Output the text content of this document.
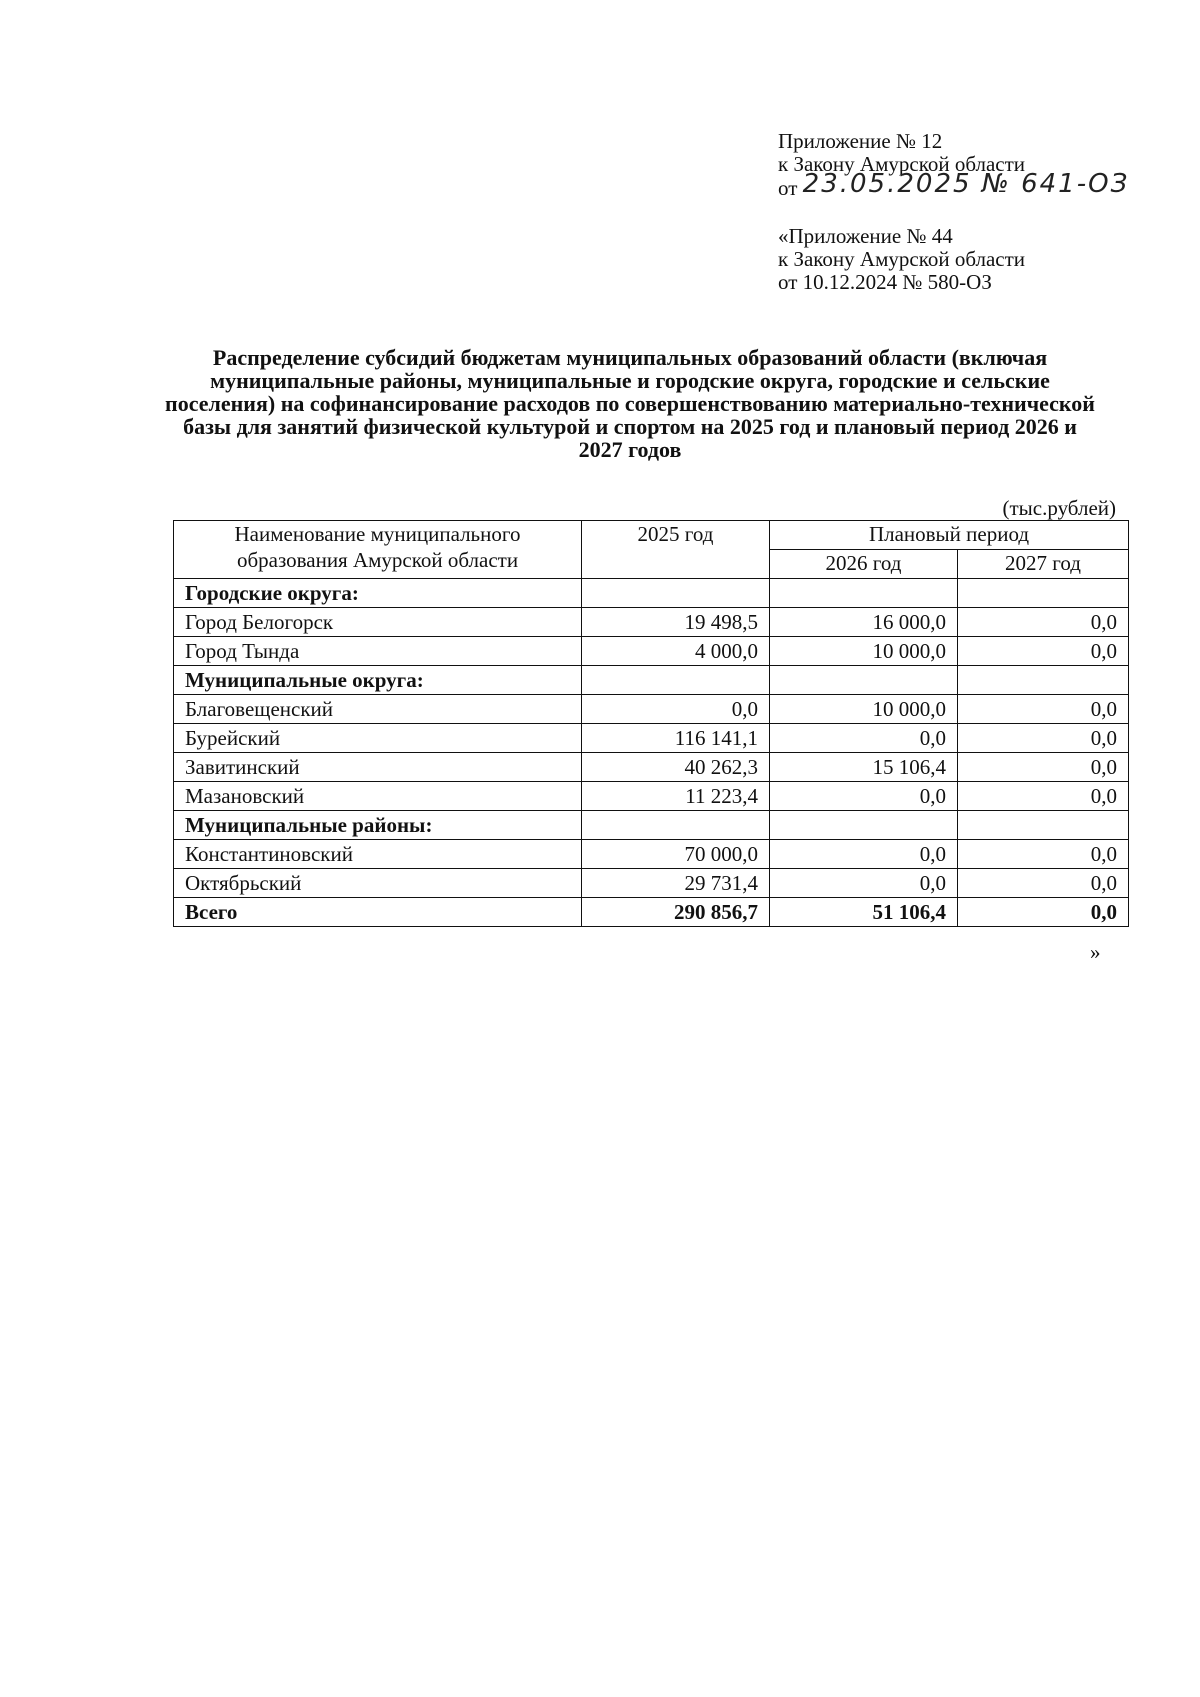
Приложение № 12
к Закону Амурской области
от 23.05.2025 № 641-ОЗ
«Приложение № 44
к Закону Амурской области
от 10.12.2024 № 580-ОЗ
Распределение субсидий бюджетам муниципальных образований области (включая муниципальные районы, муниципальные и городские округа, городские и сельские поселения) на софинансирование расходов по совершенствованию материально-технической базы для занятий физической культурой и спортом на 2025 год и плановый период 2026 и 2027 годов
(тыс.рублей)
Наименование муниципального образования Амурской области	2025 год	Плановый период	
		2026 год	2027 год
Городские округа:			
Город Белогорск	19 498,5	16 000,0	0,0
Город Тында	4 000,0	10 000,0	0,0
Муниципальные округа:			
Благовещенский	0,0	10 000,0	0,0
Бурейский	116 141,1	0,0	0,0
Завитинский	40 262,3	15 106,4	0,0
Мазановский	11 223,4	0,0	0,0
Муниципальные районы:			
Константиновский	70 000,0	0,0	0,0
Октябрьский	29 731,4	0,0	0,0
Всего	290 856,7	51 106,4	0,0
»
